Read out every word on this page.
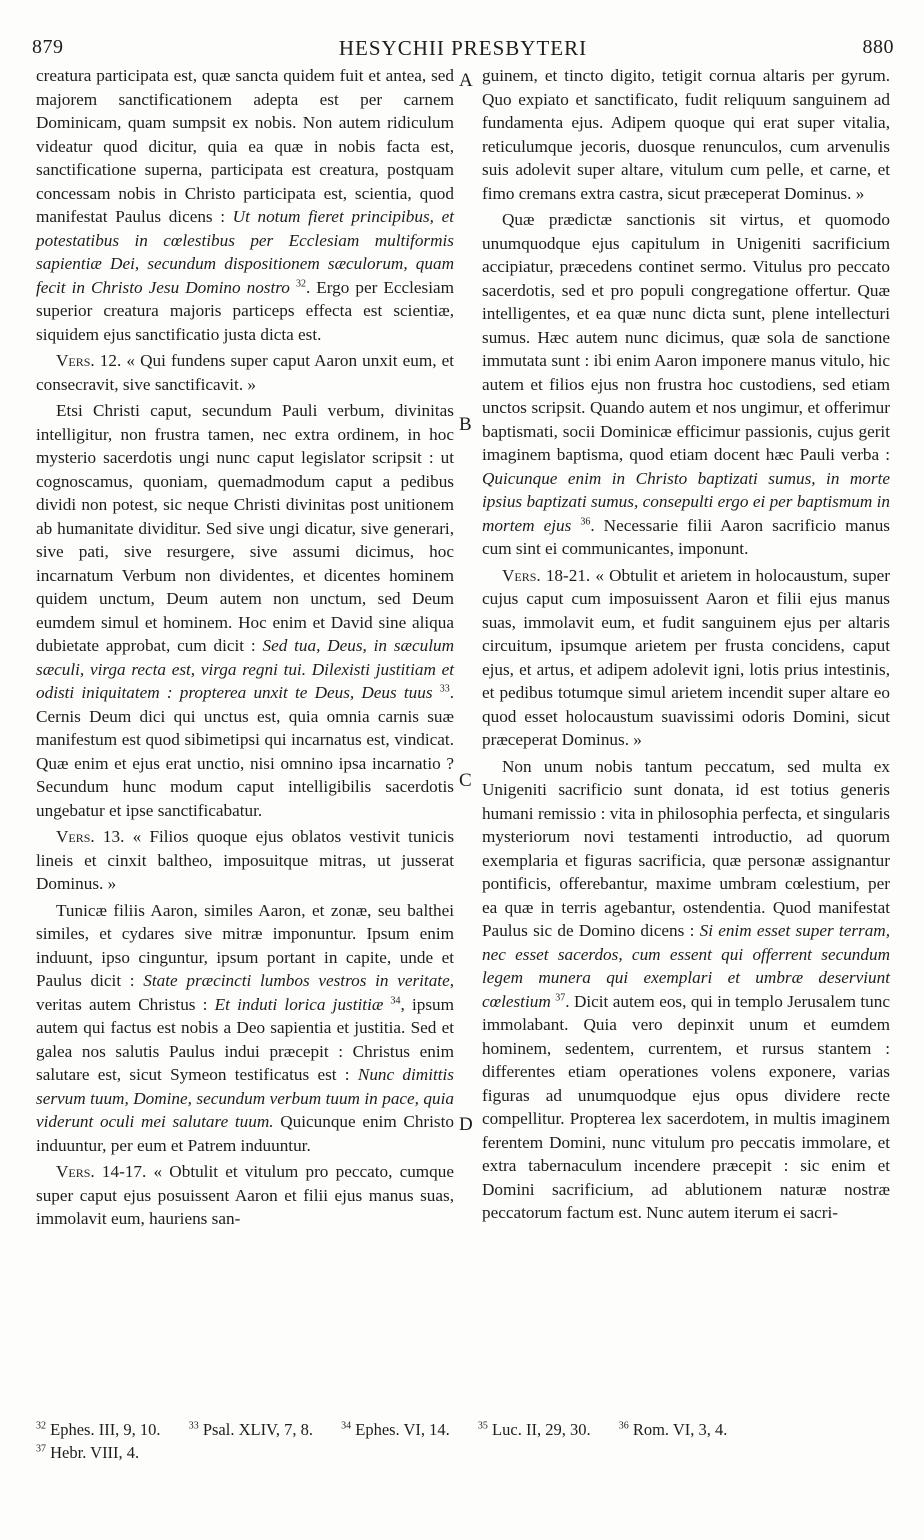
879	HESYCHII PRESBYTERI	880
A
B
C
D

creatura participata est, quæ sancta quidem fuit et antea, sed majorem sanctificationem adepta est per carnem Dominicam, quam sumpsit ex nobis. Non autem ridiculum videatur quod dicitur, quia ea quæ in nobis facta est, sanctificatione superna, participata est creatura, postquam concessam nobis in Christo participata est, scientia, quod manifestat Paulus dicens : Ut notum fieret principibus, et potestatibus in cœlestibus per Ecclesiam multiformis sapientiæ Dei, secundum dispositionem sæculorum, quam fecit in Christo Jesu Domino nostro $^{32}$. Ergo per Ecclesiam superior creatura majoris particeps effecta est scientiæ, siquidem ejus sanctificatio justa dicta est.

Vers. 12. « Qui fundens super caput Aaron unxit eum, et consecravit, sive sanctificavit. »

Etsi Christi caput, secundum Pauli verbum, divinitas intelligitur, non frustra tamen, nec extra ordinem, in hoc mysterio sacerdotis ungi nunc caput legislator scripsit : ut cognoscamus, quoniam, quemadmodum caput a pedibus dividi non potest, sic neque Christi divinitas post unitionem ab humanitate dividitur. Sed sive ungi dicatur, sive generari, sive pati, sive resurgere, sive assumi dicimus, hoc incarnatum Verbum non dividentes, et dicentes hominem quidem unctum, Deum autem non unctum, sed Deum eumdem simul et hominem. Hoc enim et David sine aliqua dubietate approbat, cum dicit : Sed tua, Deus, in sæculum sæculi, virga recta est, virga regni tui. Dilexisti justitiam et odisti iniquitatem : propterea unxit te Deus, Deus tuus $^{33}$. Cernis Deum dici qui unctus est, quia omnia carnis suæ manifestum est quod sibimetipsi qui incarnatus est, vindicat. Quæ enim et ejus erat unctio, nisi omnino ipsa incarnatio ? Secundum hunc modum caput intelligibilis sacerdotis ungebatur et ipse sanctificabatur.

Vers. 13. « Filios quoque ejus oblatos vestivit tunicis lineis et cinxit baltheo, imposuitque mitras, ut jusserat Dominus. »

Tunicæ filiis Aaron, similes Aaron, et zonæ, seu balthei similes, et cydares sive mitræ imponuntur. Ipsum enim induunt, ipso cinguntur, ipsum portant in capite, unde et Paulus dicit : State præcincti lumbos vestros in veritate, veritas autem Christus : Et induti lorica justitiæ $^{34}$, ipsum autem qui factus est nobis a Deo sapientia et justitia. Sed et galea nos salutis Paulus indui præcepit : Christus enim salutare est, sicut Symeon testificatus est : Nunc dimittis servum tuum, Domine, secundum verbum tuum in pace, quia viderunt oculi mei salutare tuum. Quicunque enim Christo induuntur, per eum et Patrem induuntur.

Vers. 14-17. « Obtulit et vitulum pro peccato, cumque super caput ejus posuissent Aaron et filii ejus manus suas, immolavit eum, hauriens san-

guinem, et tincto digito, tetigit cornua altaris per gyrum. Quo expiato et sanctificato, fudit reliquum sanguinem ad fundamenta ejus. Adipem quoque qui erat super vitalia, reticulumque jecoris, duosque renunculos, cum arvenulis suis adolevit super altare, vitulum cum pelle, et carne, et fimo cremans extra castra, sicut præceperat Dominus. »

Quæ prædictæ sanctionis sit virtus, et quomodo unumquodque ejus capitulum in Unigeniti sacrificium accipiatur, præcedens continet sermo. Vitulus pro peccato sacerdotis, sed et pro populi congregatione offertur. Quæ intelligentes, et ea quæ nunc dicta sunt, plene intellecturi sumus. Hæc autem nunc dicimus, quæ sola de sanctione immutata sunt : ibi enim Aaron imponere manus vitulo, hic autem et filios ejus non frustra hoc custodiens, sed etiam unctos scripsit. Quando autem et nos ungimur, et offerimur baptismati, socii Dominicæ efficimur passionis, cujus gerit imaginem baptisma, quod etiam docent hæc Pauli verba : Quicunque enim in Christo baptizati sumus, in morte ipsius baptizati sumus, consepulti ergo ei per baptismum in mortem ejus $^{36}$. Necessarie filii Aaron sacrificio manus cum sint ei communicantes, imponunt.

Vers. 18-21. « Obtulit et arietem in holocaustum, super cujus caput cum imposuissent Aaron et filii ejus manus suas, immolavit eum, et fudit sanguinem ejus per altaris circuitum, ipsumque arietem per frusta concidens, caput ejus, et artus, et adipem adolevit igni, lotis prius intestinis, et pedibus totumque simul arietem incendit super altare eo quod esset holocaustum suavissimi odoris Domini, sicut præceperat Dominus. »

Non unum nobis tantum peccatum, sed multa ex Unigeniti sacrificio sunt donata, id est totius generis humani remissio : vita in philosophia perfecta, et singularis mysteriorum novi testamenti introductio, ad quorum exemplaria et figuras sacrificia, quæ personæ assignantur pontificis, offerebantur, maxime umbram cœlestium, per ea quæ in terris agebantur, ostendentia. Quod manifestat Paulus sic de Domino dicens : Si enim esset super terram, nec esset sacerdos, cum essent qui offerrent secundum legem munera qui exemplari et umbræ deserviunt cœlestium $^{37}$. Dicit autem eos, qui in templo Jerusalem tunc immolabant. Quia vero depinxit unum et eumdem hominem, sedentem, currentem, et rursus stantem : differentes etiam operationes volens exponere, varias figuras ad unumquodque ejus opus dividere recte compellitur. Propterea lex sacerdotem, in multis imaginem ferentem Domini, nunc vitulum pro peccatis immolare, et extra tabernaculum incendere præcepit : sic enim et Domini sacrificium, ad ablutionem naturæ nostræ peccatorum factum est. Nunc autem iterum ei sacri-

$^{32}$ Ephes. III, 9, 10.	$^{33}$ Psal. XLIV, 7, 8.	$^{34}$ Ephes. VI, 14.	$^{35}$ Luc. II, 29, 30.	$^{36}$ Rom. VI, 3, 4.
$^{37}$ Hebr. VIII, 4.
